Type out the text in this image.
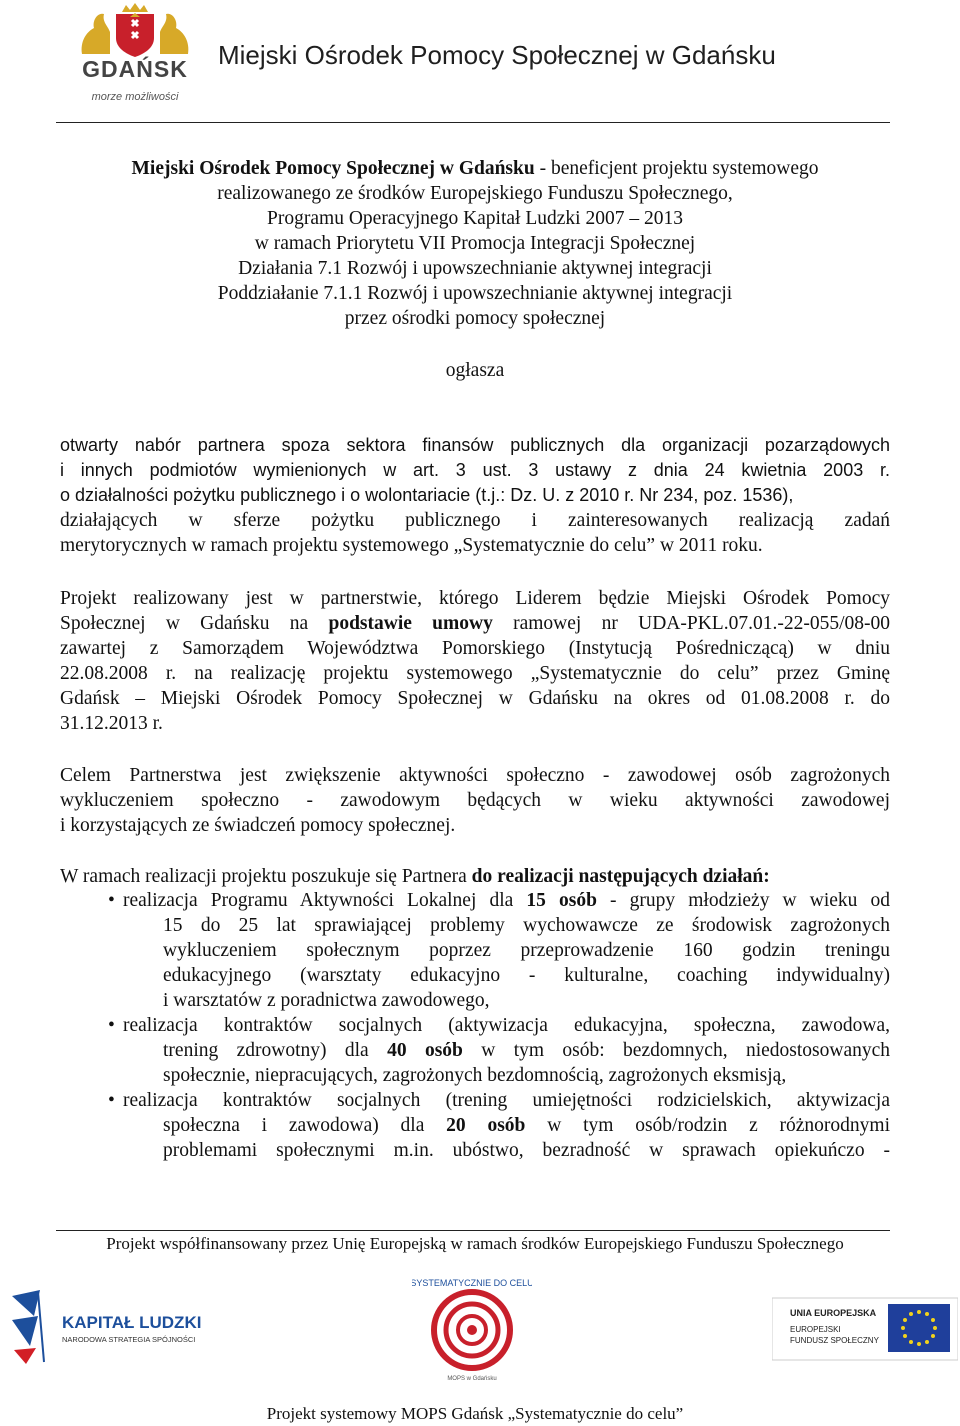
GDAŃSK
morze możliwości
Miejski Ośrodek Pomocy Społecznej w Gdańsku
Miejski Ośrodek Pomocy Społecznej w Gdańsku - beneficjent projektu systemowego
realizowanego ze środków Europejskiego Funduszu Społecznego,
Programu Operacyjnego Kapitał Ludzki 2007 – 2013
w ramach Priorytetu VII Promocja Integracji Społecznej
Działania 7.1 Rozwój i upowszechnianie aktywnej integracji
Poddziałanie 7.1.1 Rozwój i upowszechnianie aktywnej integracji
przez ośrodki pomocy społecznej
ogłasza
otwarty nabór partnera spoza sektora finansów publicznych dla organizacji pozarządowych
i innych podmiotów wymienionych w art. 3 ust. 3 ustawy z dnia 24 kwietnia 2003 r.
o działalności pożytku publicznego i o wolontariacie (t.j.: Dz. U. z 2010 r. Nr 234, poz. 1536),
działających w sferze pożytku publicznego i zainteresowanych realizacją zadań
merytorycznych w ramach projektu systemowego „Systematycznie do celu” w 2011 roku.
Projekt realizowany jest w partnerstwie, którego Liderem będzie Miejski Ośrodek Pomocy
Społecznej w Gdańsku na podstawie umowy ramowej nr UDA-PKL.07.01.-22-055/08-00
zawartej z Samorządem Województwa Pomorskiego (Instytucją Pośredniczącą) w dniu
22.08.2008 r. na realizację projektu systemowego „Systematycznie do celu” przez Gminę
Gdańsk – Miejski Ośrodek Pomocy Społecznej w Gdańsku na okres od 01.08.2008 r. do
31.12.2013 r.
Celem Partnerstwa jest zwiększenie aktywności społeczno - zawodowej osób zagrożonych
wykluczeniem społeczno - zawodowym będących w wieku aktywności zawodowej
i korzystających ze świadczeń pomocy społecznej.
W ramach realizacji projektu poszukuje się Partnera do realizacji następujących działań:
• realizacja Programu Aktywności Lokalnej dla 15 osób - grupy młodzieży w wieku od
15 do 25 lat sprawiającej problemy wychowawcze ze środowisk zagrożonych
wykluczeniem społecznym poprzez przeprowadzenie 160 godzin treningu
edukacyjnego (warsztaty edukacyjno - kulturalne, coaching indywidualny)
i warsztatów z poradnictwa zawodowego,
• realizacja kontraktów socjalnych (aktywizacja edukacyjna, społeczna, zawodowa,
trening zdrowotny) dla 40 osób w tym osób: bezdomnych, niedostosowanych
społecznie, niepracujących, zagrożonych bezdomnością, zagrożonych eksmisją,
• realizacja kontraktów socjalnych (trening umiejętności rodzicielskich, aktywizacja
społeczna i zawodowa) dla 20 osób w tym osób/rodzin z różnorodnymi
problemami społecznymi m.in. ubóstwo, bezradność w sprawach opiekuńczo -
Projekt współfinansowany przez Unię Europejską w ramach środków Europejskiego Funduszu Społecznego
KAPITAŁ LUDZKI
NARODOWA STRATEGIA SPÓJNOŚCI
SYSTEMATYCZNIE DO CELU
MOPS w Gdańsku
UNIA EUROPEJSKA
EUROPEJSKI
FUNDUSZ SPOŁECZNY
Projekt systemowy MOPS Gdańsk „Systematycznie do celu”
